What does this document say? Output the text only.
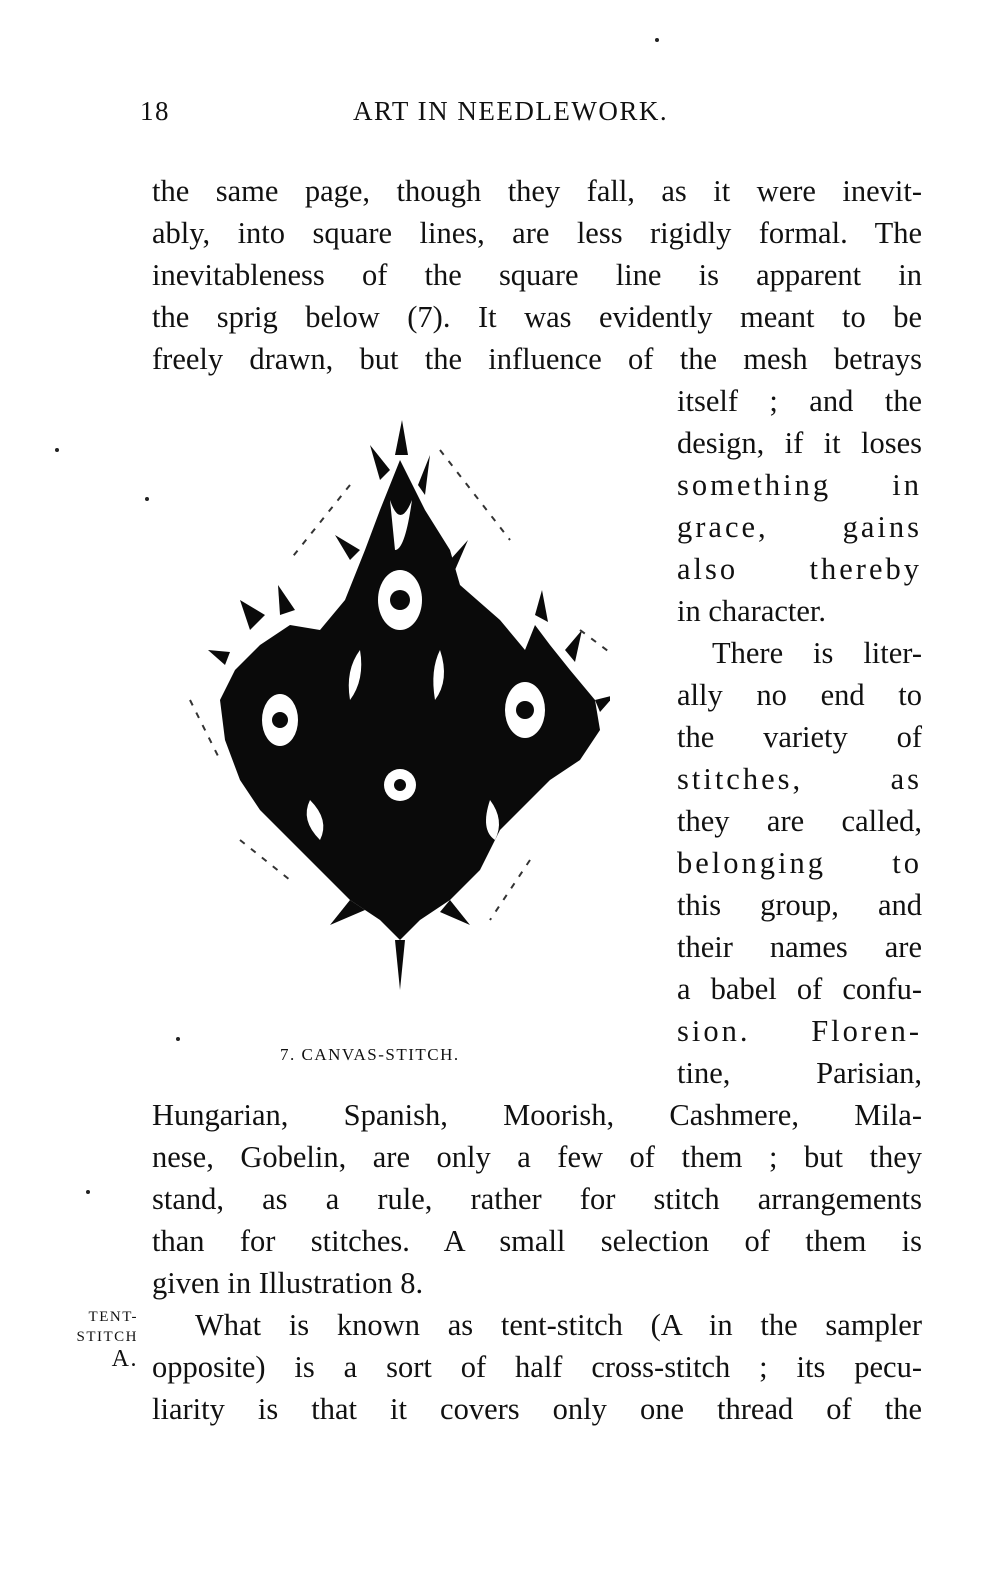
18	ART IN NEEDLEWORK.
the same page, though they fall, as it were inevit-
ably, into square lines, are less rigidly formal. The
inevitableness of the square line is apparent in
the sprig below (7). It was evidently meant to be
freely drawn, but the influence of the mesh betrays
itself ; and the
design, if it loses
something in
grace, gains
also thereby
in character.
There is liter-
ally no end to
the variety of
stitches, as
they are called,
belonging to
this group, and
their names are
a babel of confu-
sion. Floren-
tine, Parisian,
Hungarian, Spanish, Moorish, Cashmere, Mila-
nese, Gobelin, are only a few of them ; but they
stand, as a rule, rather for stitch arrangements
than for stitches. A small selection of them is
given in Illustration 8.
What is known as tent-stitch (A in the sampler
opposite) is a sort of half cross-stitch ; its pecu-
liarity is that it covers only one thread of the
TENT-
STITCH
A.
7. CANVAS-STITCH.
